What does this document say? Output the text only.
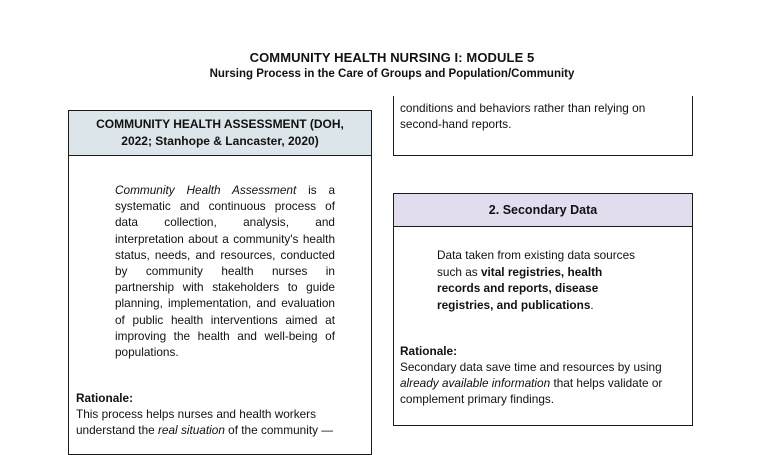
COMMUNITY HEALTH NURSING I: MODULE 5
Nursing Process in the Care of Groups and Population/Community
COMMUNITY HEALTH ASSESSMENT (DOH,
2022; Stanhope & Lancaster, 2020)
Community Health Assessment is a systematic and continuous process of data collection, analysis, and interpretation about a community's health status, needs, and resources, conducted by community health nurses in partnership with stakeholders to guide planning, implementation, and evaluation of public health interventions aimed at improving the health and well-being of populations.
Rationale:
This process helps nurses and health workers understand the real situation of the community —
conditions and behaviors rather than relying on second-hand reports.
2. Secondary Data
Data taken from existing data sources such as vital registries, health records and reports, disease registries, and publications.
Rationale:
Secondary data save time and resources by using already available information that helps validate or complement primary findings.
